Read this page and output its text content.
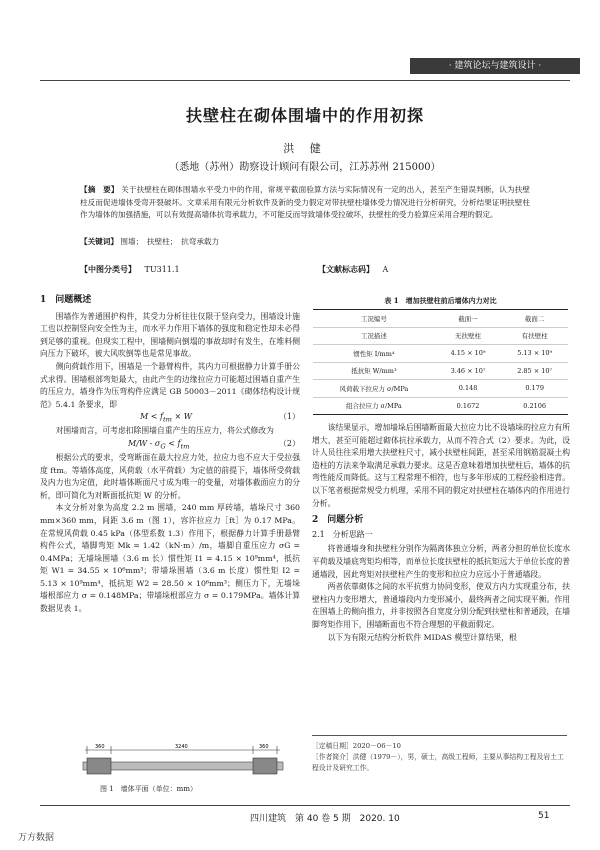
· 建筑论坛与建筑设计 ·
扶壁柱在砌体围墙中的作用初探
洪 健
（悉地（苏州）勘察设计顾问有限公司，江苏苏州 215000）
【摘　要】 关于扶壁柱在砌体围墙水平受力中的作用，常规平截面验算方法与实际情况有一定的出入，甚至产生错误判断，认为扶壁柱反而促进墙体受弯开裂破坏。文章采用有限元分析软件及新的受力假定对带扶壁柱墙体受力情况进行分析研究，分析结果证明扶壁柱作为墙体的加强措施，可以有效提高墙体抗弯承载力，不可能反而导致墙体受拉破坏，扶壁柱的受力验算应采用合理的假定。
【关键词】 围墙；　扶壁柱；　抗弯承载力
【中图分类号】 TU311.1	【文献标志码】 A
1　问题概述

围墙作为普通围护构件，其受力分析往往仅限于竖向受力，围墙设计施工也以控制竖向安全性为主，而水平力作用下墙体的强度和稳定性却未必得到足够的重视。但现实工程中，围墙侧向倒塌的事故却时有发生，在堆料侧向压力下破坏，被大风吹倒等也是常见事故。

侧向荷载作用下，围墙是一个悬臂构件，其内力可根据静力计算手册公式求得。围墙根部弯矩最大，由此产生的边缘拉应力可能超过围墙自重产生的压应力，墙身作为压弯构件应满足 GB 50003－2011《砌体结构设计规范》5.4.1 条要求，即

$M < f_{tm} \times W$	（1）

对围墙而言，可考虑扣除围墙自重产生的压应力，将公式修改为

$M/W - \sigma_G < f_{tm}$	（2）

根据公式的要求，受弯断面在最大拉应力处，拉应力也不应大于受拉强度 ftm。等墙体高度，风荷载（水平荷载）为定值的前提下，墙体所受荷载及内力也为定值，此时墙体断面尺寸成为唯一的变量，对墙体截面应力的分析，即可简化为对断面抵抗矩 W 的分析。

本文分析对象为高度 2.2 m 围墙，240 mm 厚砖墙，墙垛尺寸 360 mm×360 mm，间距 3.6 m（图 1），容许拉应力［ft］为 0.17 MPa。在常规风荷载 0.45 kPa（体型系数 1.3）作用下，根据静力计算手册悬臂构件公式，墙脚弯矩 Mk = 1.42（kN·m）/m，墙脚自重压应力 σG = 0.4MPa；无墙垛围墙（3.6 m 长）惯性矩 I1 = 4.15 × 10⁹mm⁴，抵抗矩 W1 = 34.55 × 10⁶mm³；带墙垛围墙（3.6 m 长度）惯性矩 I2 = 5.13 × 10⁹mm⁴，抵抗矩 W2 = 28.50 × 10⁶mm³；侧压力下，无墙垛墙根部应力 σ = 0.148MPa；带墙垛根部应力 σ = 0.179MPa。墙体计算数据见表 1。

360	3240	360
图 1　墙体平面（单位：mm）
表 1　增加扶壁柱前后墙体内力对比
工况编号	截面一	截面二
工况描述	无扶壁柱	有扶壁柱
惯性矩 I/mm⁴	4.15 × 10⁹	5.13 × 10⁹
抵抗矩 W/mm³	3.46 × 10⁷	2.85 × 10⁷
风荷载下拉应力 σ/MPa	0.148	0.179
组合拉应力 σ/MPa	0.1672	0.2106

该结果显示，增加墙垛后围墙断面最大拉应力比不设墙垛的拉应力有所增大，甚至可能超过砌体抗拉承载力，从而不符合式（2）要求。为此，设计人员往往采用增大扶壁柱尺寸，减小扶壁柱间距，甚至采用钢筋混凝土构造柱的方法来争取满足承载力要求。这是否意味着增加扶壁柱后，墙体的抗弯性能反而降低。这与工程常理不相符，也与多年形成的工程经验相违背。以下笔者根据常规受力机理，采用不同的假定对扶壁柱在墙体内的作用进行分析。

2　问题分析
2.1　分析思路一

将普通墙身和扶壁柱分别作为隔离体独立分析，两者分担的单位长度水平荷载及墙底弯矩均相等，而单位长度扶壁柱的抵抗矩远大于单位长度的普通墙段，因此弯矩对扶壁柱产生的变形和拉应力应远小于普通墙段。

两者依靠砌体之间的水平抗剪力协同变形，使双方内力实现重分布，扶壁柱内力变形增大，普通墙段内力变形减小，最终两者之间实现平衡。作用在围墙上的侧向推力，并非按照各自宽度分别分配到扶壁柱和普通段，在墙脚弯矩作用下，围墙断面也不符合理想的平截面假定。

以下为有限元结构分析软件 MIDAS 模型计算结果，根

［定稿日期］2020－06－10
［作者简介］洪健（1979－），男，硕士，高级工程师，主要从事结构工程及岩土工程设计及研究工作。
四川建筑　第 40 卷 5 期　2020. 10	51
万方数据
